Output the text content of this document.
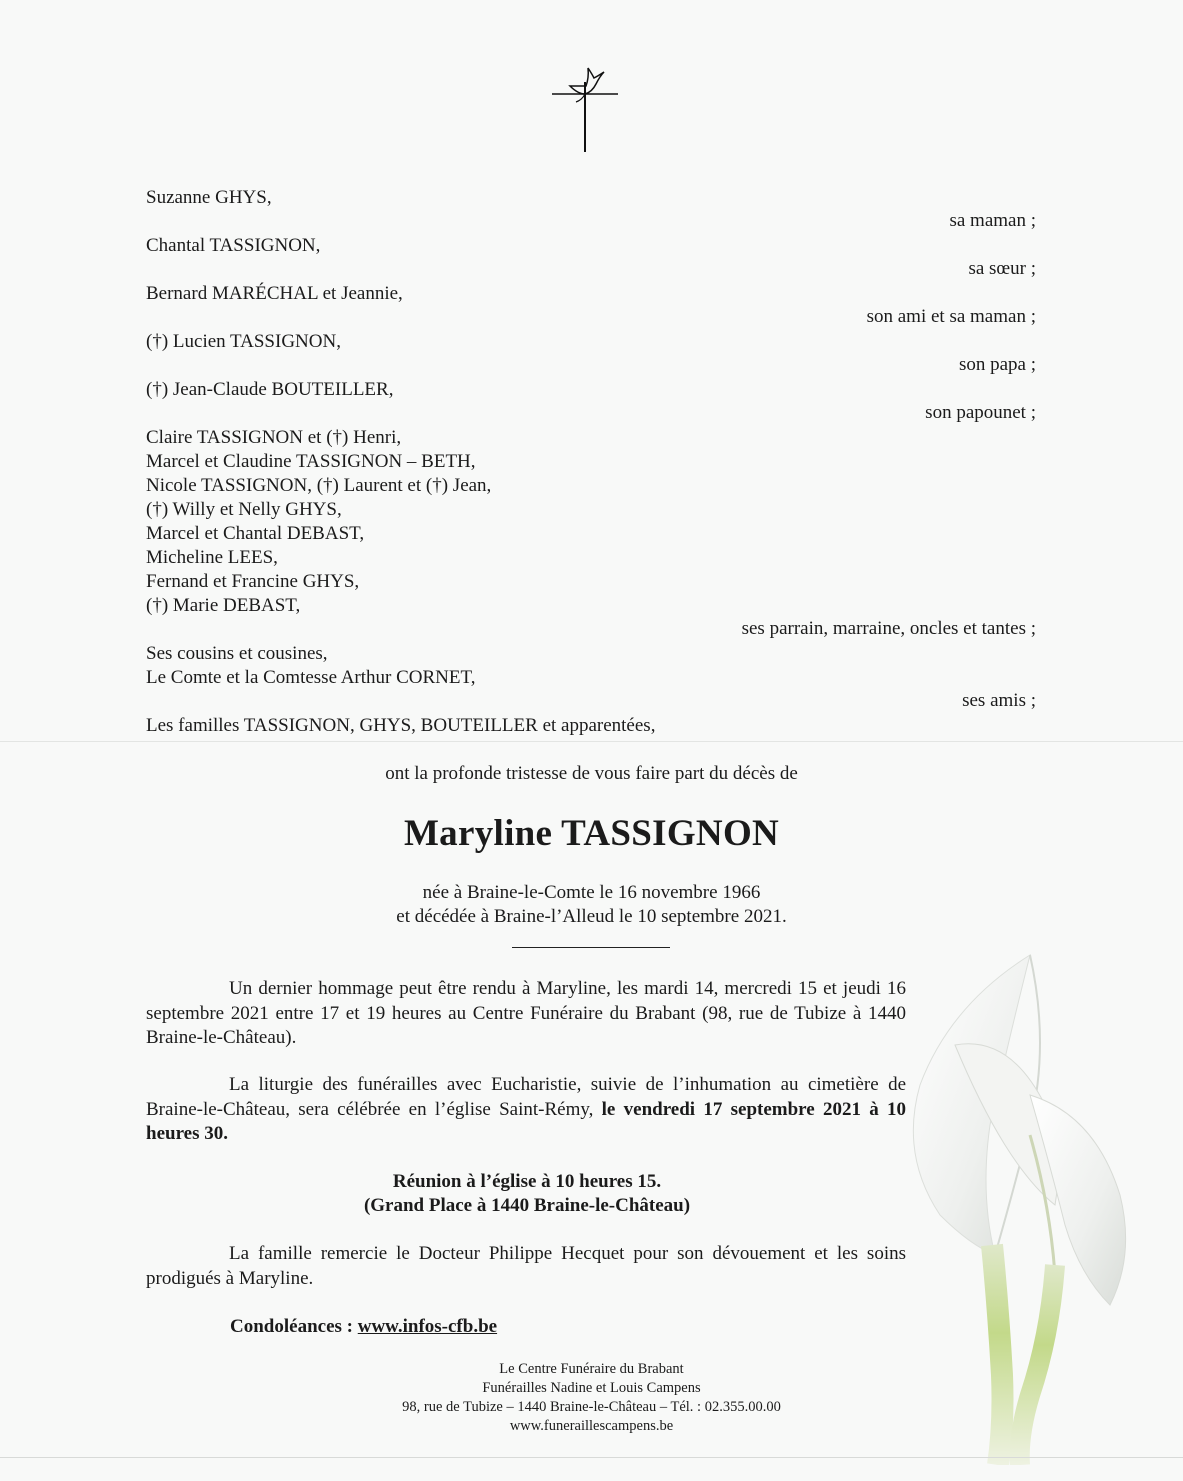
Suzanne GHYS,
sa maman ;
Chantal TASSIGNON,
sa sœur ;
Bernard MARÉCHAL et Jeannie,
son ami et sa maman ;
(†) Lucien TASSIGNON,
son papa ;
(†) Jean-Claude BOUTEILLER,
son papounet ;
Claire TASSIGNON et (†) Henri,
Marcel et Claudine TASSIGNON – BETH,
Nicole TASSIGNON, (†) Laurent et (†) Jean,
(†) Willy et Nelly GHYS,
Marcel et Chantal DEBAST,
Micheline LEES,
Fernand et Francine GHYS,
(†) Marie DEBAST,
ses parrain, marraine, oncles et tantes ;
Ses cousins et cousines,
Le Comte et la Comtesse Arthur CORNET,
ses amis ;
Les familles TASSIGNON, GHYS, BOUTEILLER et apparentées,
ont la profonde tristesse de vous faire part du décès de
Maryline TASSIGNON
née à Braine-le-Comte le 16 novembre 1966
et décédée à Braine-l’Alleud le 10 septembre 2021.
Un dernier hommage peut être rendu à Maryline, les mardi 14, mercredi 15 et jeudi 16 septembre 2021 entre 17 et 19 heures au Centre Funéraire du Brabant (98, rue de Tubize à 1440 Braine-le-Château).
La liturgie des funérailles avec Eucharistie, suivie de l’inhumation au cimetière de Braine-le-Château, sera célébrée en l’église Saint-Rémy, le vendredi 17 septembre 2021 à 10 heures 30.
Réunion à l’église à 10 heures 15.
(Grand Place à 1440 Braine-le-Château)
La famille remercie le Docteur Philippe Hecquet pour son dévouement et les soins prodigués à Maryline.
Condoléances : www.infos-cfb.be
Le Centre Funéraire du Brabant
Funérailles Nadine et Louis Campens
98, rue de Tubize – 1440 Braine-le-Château – Tél. : 02.355.00.00
www.funeraillescampens.be
